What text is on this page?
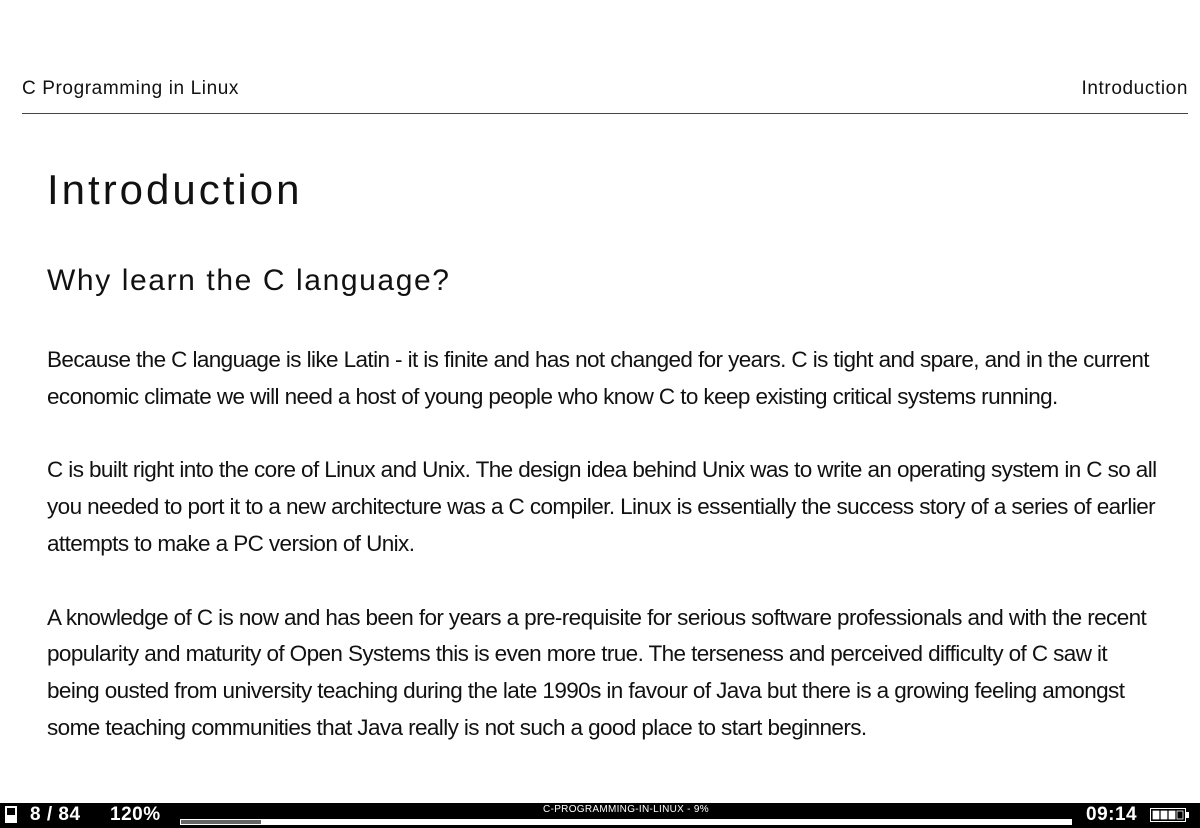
C Programming in Linux	Introduction
Introduction
Why learn the C language?

Because the C language is like Latin - it is finite and has not changed for years. C is tight and spare, and in the current economic climate we will need a host of young people who know C to keep existing critical systems running.

C is built right into the core of Linux and Unix. The design idea behind Unix was to write an operating system in C so all you needed to port it to a new architecture was a C compiler. Linux is essentially the success story of a series of earlier attempts to make a PC version of Unix.

A knowledge of C is now and has been for years a pre-requisite for serious software professionals and with the recent popularity and maturity of Open Systems this is even more true. The terseness and perceived difficulty of C saw it being ousted from university teaching during the late 1990s in favour of Java but there is a growing feeling amongst some teaching communities that Java really is not such a good place to start beginners.

8 / 84 120%	C-PROGRAMMING-IN-LINUX - 9%	09:14
